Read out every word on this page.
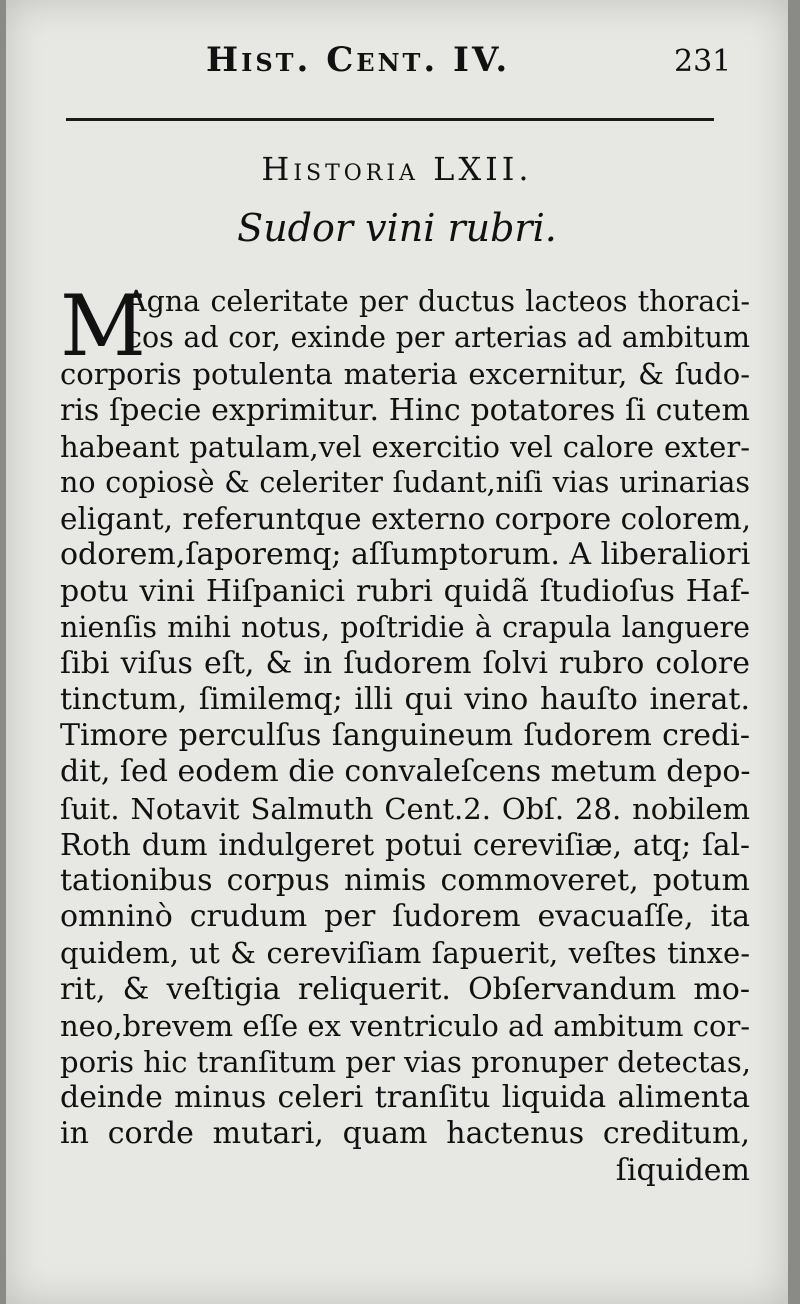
Hist. Cent. IV.	231
Historia LXII.
Sudor vini rubri.
M
Agna celeritate per ductus lacteos thoraci-
cos ad cor, exinde per arterias ad ambitum
corporis potulenta materia excernitur, & ſudo-
ris ſpecie exprimitur. Hinc potatores ſi cutem
habeant patulam,vel exercitio vel calore exter-
no copiosè & celeriter ſudant,niſi vias urinarias
eligant, referuntque externo corpore colorem,
odorem,ſaporemq; aſſumptorum. A liberaliori
potu vini Hiſpanici rubri quidã ſtudioſus Haf-
nienſis mihi notus, poſtridie à crapula languere
ſibi viſus eſt, & in ſudorem ſolvi rubro colore
tinctum, ſimilemq; illi qui vino hauſto inerat.
Timore perculſus ſanguineum ſudorem credi-
dit, ſed eodem die convaleſcens metum depo-
ſuit. Notavit Salmuth Cent.2. Obſ. 28. nobilem
Roth dum indulgeret potui cereviſiæ, atq; ſal-
tationibus corpus nimis commoveret, potum
omninò crudum per ſudorem evacuaſſe, ita
quidem, ut & cereviſiam ſapuerit, veſtes tinxe-
rit, & veſtigia reliquerit. Obſervandum mo-
neo,brevem eſſe ex ventriculo ad ambitum cor-
poris hic tranſitum per vias pronuper detectas,
deinde minus celeri tranſitu liquida alimenta
in corde mutari, quam hactenus creditum,
ſiquidem
